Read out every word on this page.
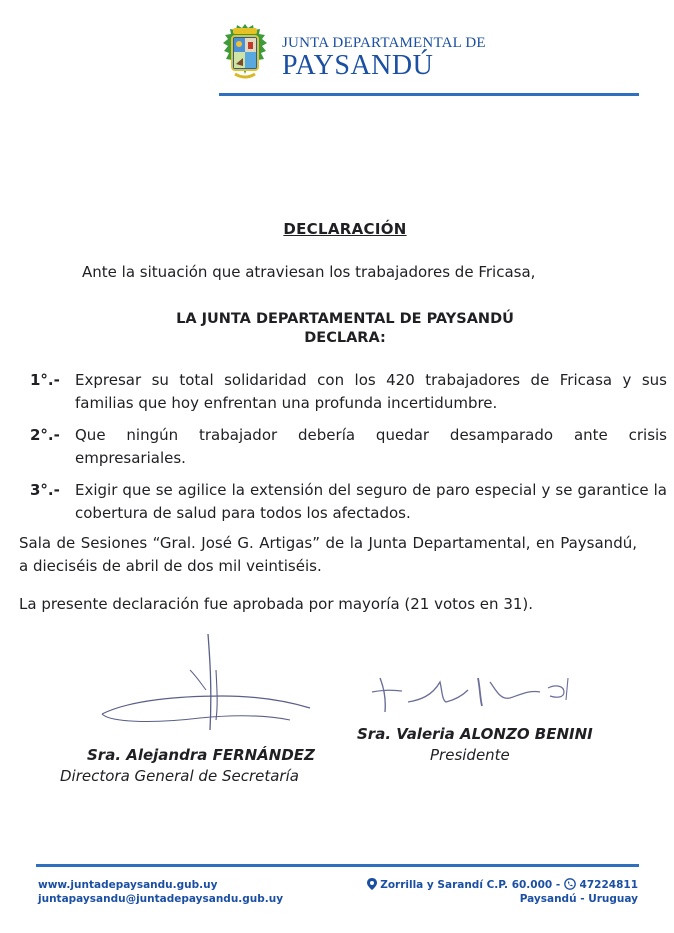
JUNTA DEPARTAMENTAL DE
PAYSANDÚ
DECLARACIÓN
Ante la situación que atraviesan los trabajadores de Fricasa,
LA JUNTA DEPARTAMENTAL DE PAYSANDÚ
DECLARA:
1°.- Expresar su total solidaridad con los 420 trabajadores de Fricasa y sus familias que hoy enfrentan una profunda incertidumbre.
2°.- Que ningún trabajador debería quedar desamparado ante crisis empresariales.
3°.- Exigir que se agilice la extensión del seguro de paro especial y se garantice la cobertura de salud para todos los afectados.
Sala de Sesiones “Gral. José G. Artigas” de la Junta Departamental, en Paysandú, a dieciséis de abril de dos mil veintiséis.
La presente declaración fue aprobada por mayoría (21 votos en 31).
Sra. Alejandra FERNÁNDEZ
Directora General de Secretaría
Sra. Valeria ALONZO BENINI
Presidente
www.juntadepaysandu.gub.uy
juntapaysandu@juntadepaysandu.gub.uy
Zorrilla y Sarandí C.P. 60.000 - 47224811
Paysandú - Uruguay
